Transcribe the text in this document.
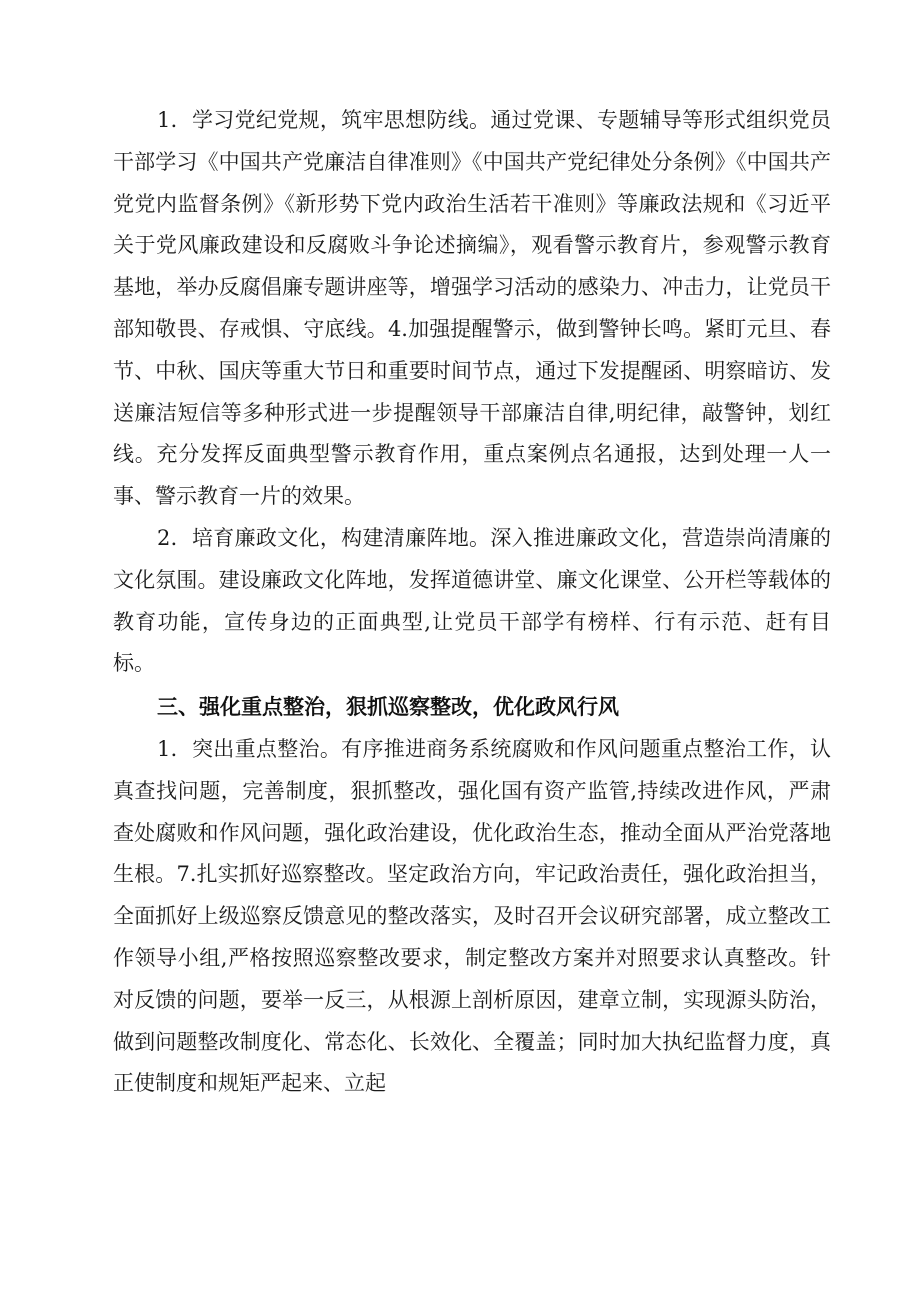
1．学习党纪党规，筑牢思想防线。通过党课、专题辅导等形式组织党员干部学习《中国共产党廉洁自律准则》《中国共产党纪律处分条例》《中国共产党党内监督条例》《新形势下党内政治生活若干准则》等廉政法规和《习近平关于党风廉政建设和反腐败斗争论述摘编》，观看警示教育片，参观警示教育基地，举办反腐倡廉专题讲座等，增强学习活动的感染力、冲击力，让党员干部知敬畏、存戒惧、守底线。4.加强提醒警示，做到警钟长鸣。紧盯元旦、春节、中秋、国庆等重大节日和重要时间节点，通过下发提醒函、明察暗访、发送廉洁短信等多种形式进一步提醒领导干部廉洁自律,明纪律，敲警钟，划红线。充分发挥反面典型警示教育作用，重点案例点名通报，达到处理一人一事、警示教育一片的效果。

2．培育廉政文化，构建清廉阵地。深入推进廉政文化，营造崇尚清廉的文化氛围。建设廉政文化阵地，发挥道德讲堂、廉文化课堂、公开栏等载体的教育功能，宣传身边的正面典型,让党员干部学有榜样、行有示范、赶有目标。

三、强化重点整治，狠抓巡察整改，优化政风行风

1．突出重点整治。有序推进商务系统腐败和作风问题重点整治工作，认真查找问题，完善制度，狠抓整改，强化国有资产监管,持续改进作风，严肃查处腐败和作风问题，强化政治建设，优化政治生态，推动全面从严治党落地生根。7.扎实抓好巡察整改。坚定政治方向，牢记政治责任，强化政治担当，全面抓好上级巡察反馈意见的整改落实，及时召开会议研究部署，成立整改工作领导小组,严格按照巡察整改要求，制定整改方案并对照要求认真整改。针对反馈的问题，要举一反三，从根源上剖析原因，建章立制，实现源头防治，做到问题整改制度化、常态化、长效化、全覆盖；同时加大执纪监督力度，真正使制度和规矩严起来、立起
